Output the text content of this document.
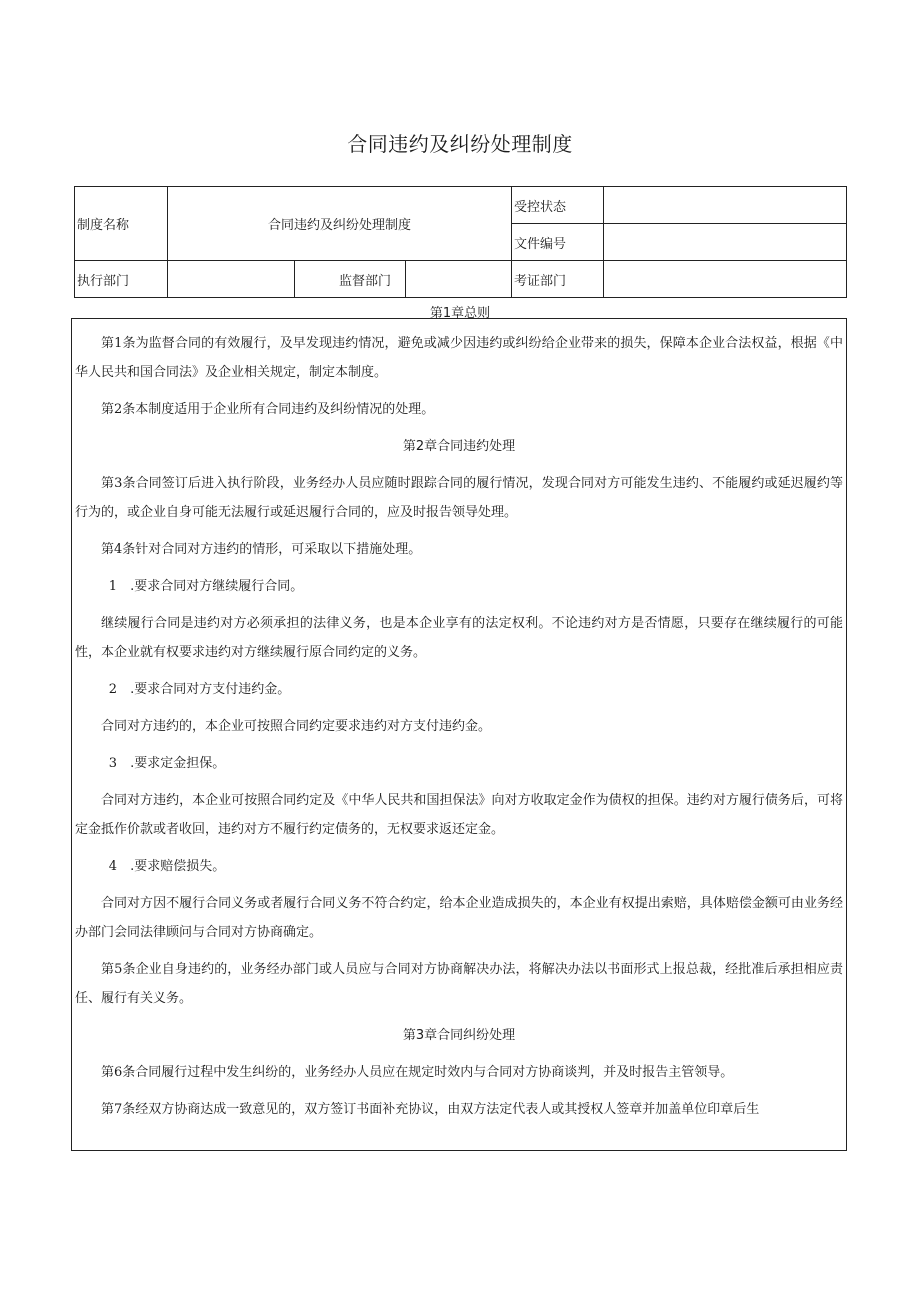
合同违约及纠纷处理制度
制度名称	合同违约及纠纷处理制度			受控状态	
				文件编号	
执行部门		监督部门		考证部门	
第1章总则

第1条为监督合同的有效履行，及早发现违约情况，避免或减少因违约或纠纷给企业带来的损失，保障本企业合法权益，根据《中华人民共和国合同法》及企业相关规定，制定本制度。

第2条本制度适用于企业所有合同违约及纠纷情况的处理。

第2章合同违约处理

第3条合同签订后进入执行阶段，业务经办人员应随时跟踪合同的履行情况，发现合同对方可能发生违约、不能履约或延迟履约等行为的，或企业自身可能无法履行或延迟履行合同的，应及时报告领导处理。

第4条针对合同对方违约的情形，可采取以下措施处理。

1　.要求合同对方继续履行合同。

继续履行合同是违约对方必须承担的法律义务，也是本企业享有的法定权利。不论违约对方是否情愿，只要存在继续履行的可能性，本企业就有权要求违约对方继续履行原合同约定的义务。

2　.要求合同对方支付违约金。

合同对方违约的，本企业可按照合同约定要求违约对方支付违约金。

3　.要求定金担保。

合同对方违约，本企业可按照合同约定及《中华人民共和国担保法》向对方收取定金作为债权的担保。违约对方履行债务后，可将定金抵作价款或者收回，违约对方不履行约定债务的，无权要求返还定金。

4　.要求赔偿损失。

合同对方因不履行合同义务或者履行合同义务不符合约定，给本企业造成损失的，本企业有权提出索赔，具体赔偿金额可由业务经办部门会同法律顾问与合同对方协商确定。

第5条企业自身违约的，业务经办部门或人员应与合同对方协商解决办法，将解决办法以书面形式上报总裁，经批准后承担相应责任、履行有关义务。

第3章合同纠纷处理

第6条合同履行过程中发生纠纷的，业务经办人员应在规定时效内与合同对方协商谈判，并及时报告主管领导。

第7条经双方协商达成一致意见的，双方签订书面补充协议，由双方法定代表人或其授权人签章并加盖单位印章后生
